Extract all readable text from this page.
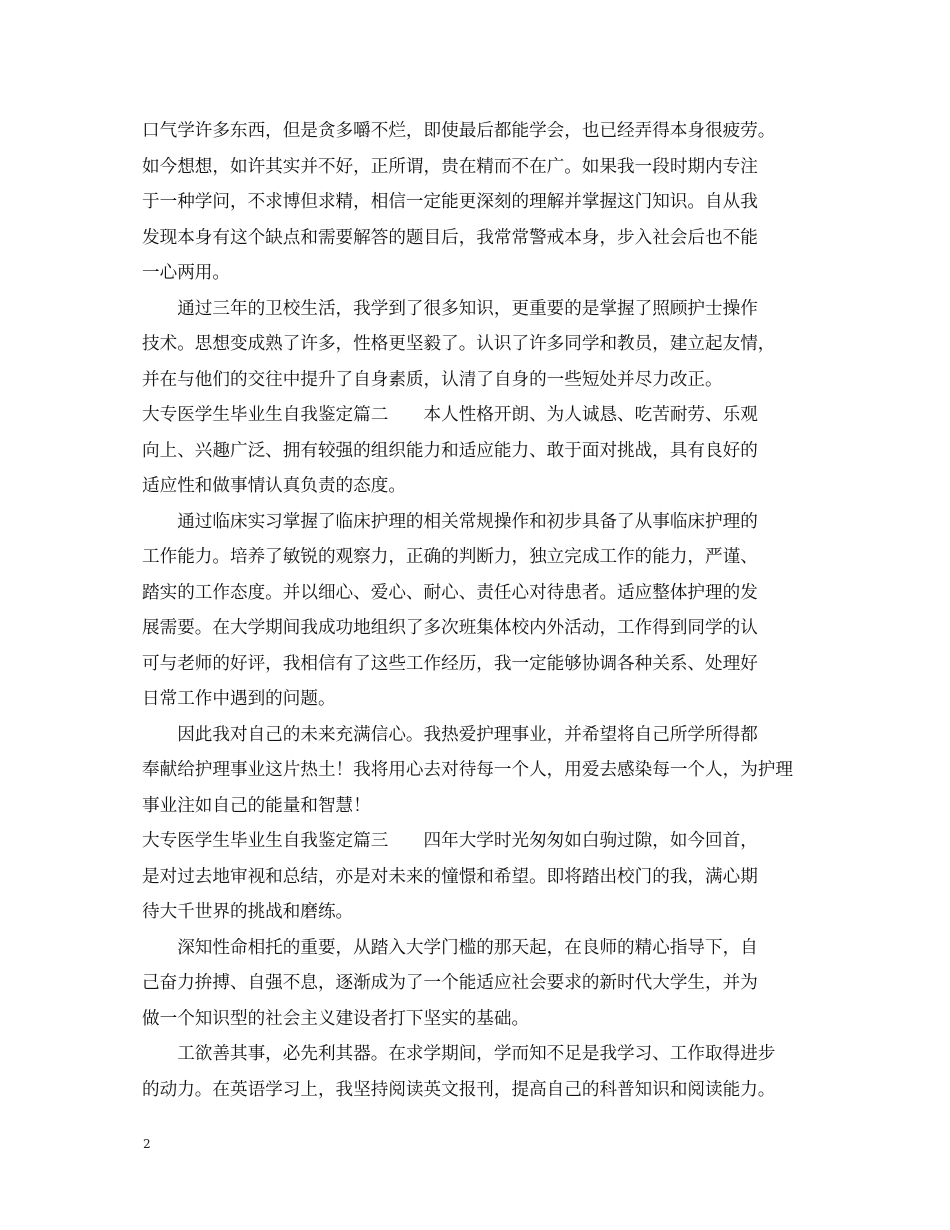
口气学许多东西，但是贪多嚼不烂，即使最后都能学会，也已经弄得本身很疲劳。
如今想想，如许其实并不好，正所谓，贵在精而不在广。如果我一段时期内专注
于一种学问，不求博但求精，相信一定能更深刻的理解并掌握这门知识。自从我
发现本身有这个缺点和需要解答的题目后，我常常警戒本身，步入社会后也不能
一心两用。
　　通过三年的卫校生活，我学到了很多知识，更重要的是掌握了照顾护士操作
技术。思想变成熟了许多，性格更坚毅了。认识了许多同学和教员，建立起友情，
并在与他们的交往中提升了自身素质，认清了自身的一些短处并尽力改正。
大专医学生毕业生自我鉴定篇二　　本人性格开朗、为人诚恳、吃苦耐劳、乐观
向上、兴趣广泛、拥有较强的组织能力和适应能力、敢于面对挑战，具有良好的
适应性和做事情认真负责的态度。
　　通过临床实习掌握了临床护理的相关常规操作和初步具备了从事临床护理的
工作能力。培养了敏锐的观察力，正确的判断力，独立完成工作的能力，严谨、
踏实的工作态度。并以细心、爱心、耐心、责任心对待患者。适应整体护理的发
展需要。在大学期间我成功地组织了多次班集体校内外活动，工作得到同学的认
可与老师的好评，我相信有了这些工作经历，我一定能够协调各种关系、处理好
日常工作中遇到的问题。
　　因此我对自己的未来充满信心。我热爱护理事业，并希望将自己所学所得都
奉献给护理事业这片热土！我将用心去对待每一个人，用爱去感染每一个人，为护理
事业注如自己的能量和智慧！
大专医学生毕业生自我鉴定篇三　　四年大学时光匆匆如白驹过隙，如今回首，
是对过去地审视和总结，亦是对未来的憧憬和希望。即将踏出校门的我，满心期
待大千世界的挑战和磨练。
　　深知性命相托的重要，从踏入大学门槛的那天起，在良师的精心指导下，自
己奋力拚搏、自强不息，逐渐成为了一个能适应社会要求的新时代大学生，并为
做一个知识型的社会主义建设者打下坚实的基础。
　　工欲善其事，必先利其器。在求学期间，学而知不足是我学习、工作取得进步
的动力。在英语学习上，我坚持阅读英文报刊，提高自己的科普知识和阅读能力。
2
